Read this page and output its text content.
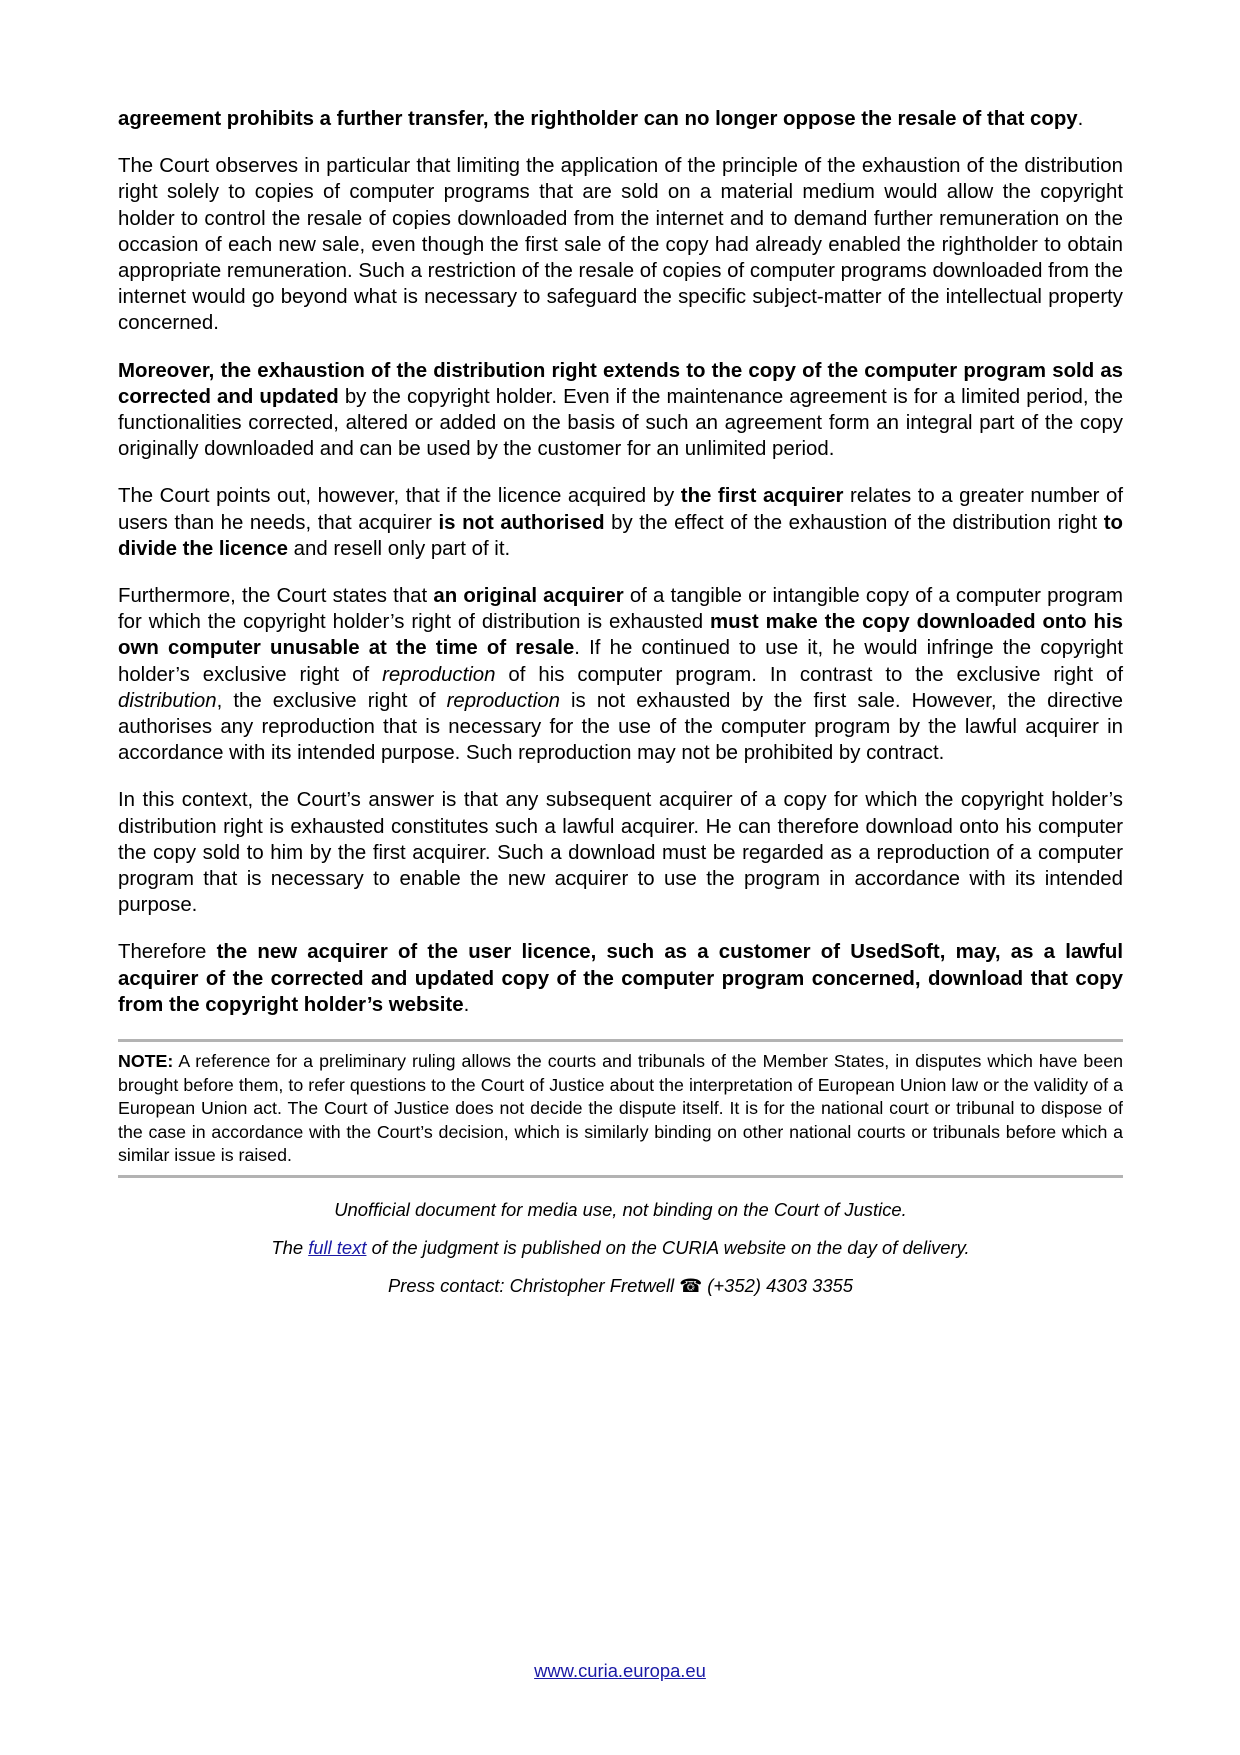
agreement prohibits a further transfer, the rightholder can no longer oppose the resale of that copy.

The Court observes in particular that limiting the application of the principle of the exhaustion of the distribution right solely to copies of computer programs that are sold on a material medium would allow the copyright holder to control the resale of copies downloaded from the internet and to demand further remuneration on the occasion of each new sale, even though the first sale of the copy had already enabled the rightholder to obtain appropriate remuneration. Such a restriction of the resale of copies of computer programs downloaded from the internet would go beyond what is necessary to safeguard the specific subject-matter of the intellectual property concerned.

Moreover, the exhaustion of the distribution right extends to the copy of the computer program sold as corrected and updated by the copyright holder. Even if the maintenance agreement is for a limited period, the functionalities corrected, altered or added on the basis of such an agreement form an integral part of the copy originally downloaded and can be used by the customer for an unlimited period.

The Court points out, however, that if the licence acquired by the first acquirer relates to a greater number of users than he needs, that acquirer is not authorised by the effect of the exhaustion of the distribution right to divide the licence and resell only part of it.

Furthermore, the Court states that an original acquirer of a tangible or intangible copy of a computer program for which the copyright holder’s right of distribution is exhausted must make the copy downloaded onto his own computer unusable at the time of resale. If he continued to use it, he would infringe the copyright holder’s exclusive right of reproduction of his computer program. In contrast to the exclusive right of distribution, the exclusive right of reproduction is not exhausted by the first sale. However, the directive authorises any reproduction that is necessary for the use of the computer program by the lawful acquirer in accordance with its intended purpose. Such reproduction may not be prohibited by contract.

In this context, the Court’s answer is that any subsequent acquirer of a copy for which the copyright holder’s distribution right is exhausted constitutes such a lawful acquirer. He can therefore download onto his computer the copy sold to him by the first acquirer. Such a download must be regarded as a reproduction of a computer program that is necessary to enable the new acquirer to use the program in accordance with its intended purpose.

Therefore the new acquirer of the user licence, such as a customer of UsedSoft, may, as a lawful acquirer of the corrected and updated copy of the computer program concerned, download that copy from the copyright holder’s website.

NOTE: A reference for a preliminary ruling allows the courts and tribunals of the Member States, in disputes which have been brought before them, to refer questions to the Court of Justice about the interpretation of European Union law or the validity of a European Union act. The Court of Justice does not decide the dispute itself. It is for the national court or tribunal to dispose of the case in accordance with the Court’s decision, which is similarly binding on other national courts or tribunals before which a similar issue is raised.

Unofficial document for media use, not binding on the Court of Justice.

The full text of the judgment is published on the CURIA website on the day of delivery.

Press contact: Christopher Fretwell ☎ (+352) 4303 3355

www.curia.europa.eu
